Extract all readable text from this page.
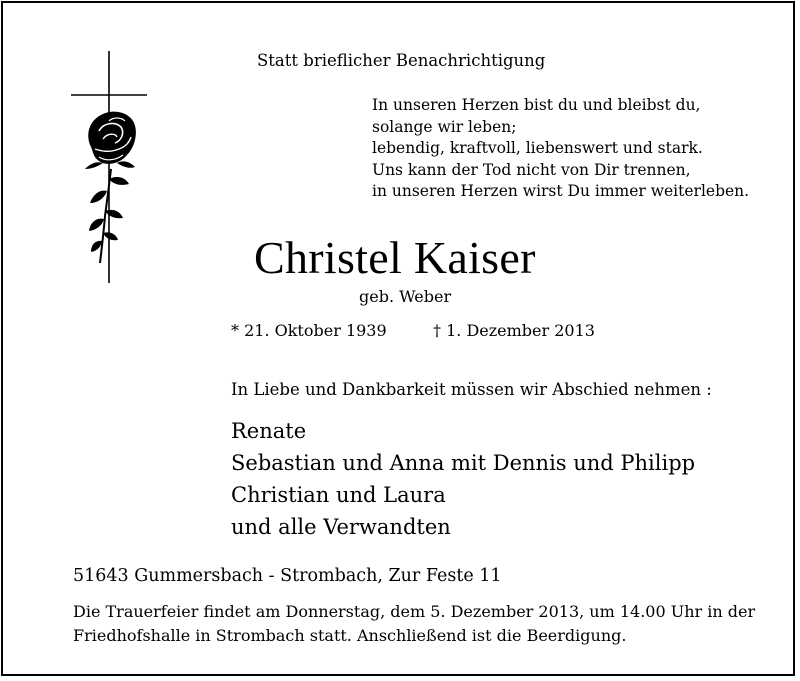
Statt brieflicher Benachrichtigung
In unseren Herzen bist du und bleibst du,
solange wir leben;
lebendig, kraftvoll, liebenswert und stark.
Uns kann der Tod nicht von Dir trennen,
in unseren Herzen wirst Du immer weiterleben.
Christel Kaiser
geb. Weber
* 21. Oktober 1939	† 1. Dezember 2013
In Liebe und Dankbarkeit müssen wir Abschied nehmen :
Renate
Sebastian und Anna mit Dennis und Philipp
Christian und Laura
und alle Verwandten
51643 Gummersbach - Strombach, Zur Feste 11
Die Trauerfeier findet am Donnerstag, dem 5. Dezember 2013, um 14.00 Uhr in der
Friedhofshalle in Strombach statt. Anschließend ist die Beerdigung.
